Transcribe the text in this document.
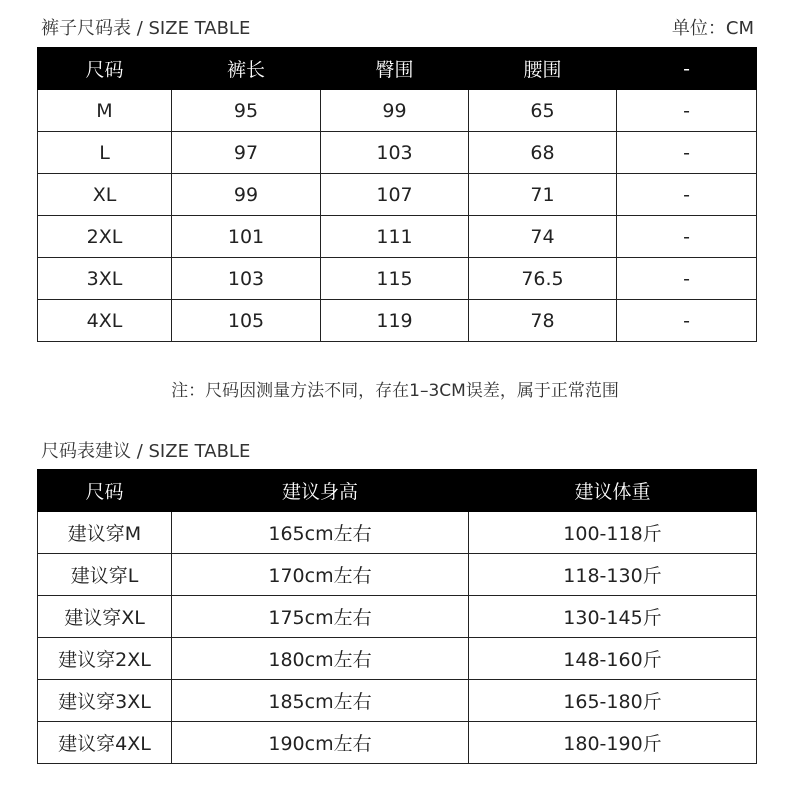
裤子尺码表 / SIZE TABLE	单位：CM
尺码	裤长	臀围	腰围	-
M	95	99	65	-
L	97	103	68	-
XL	99	107	71	-
2XL	101	111	74	-
3XL	103	115	76.5	-
4XL	105	119	78	-
注：尺码因测量方法不同，存在1–3CM误差，属于正常范围
尺码表建议 / SIZE TABLE
尺码	建议身高	建议体重
建议穿M	165cm左右	100-118斤
建议穿L	170cm左右	118-130斤
建议穿XL	175cm左右	130-145斤
建议穿2XL	180cm左右	148-160斤
建议穿3XL	185cm左右	165-180斤
建议穿4XL	190cm左右	180-190斤
